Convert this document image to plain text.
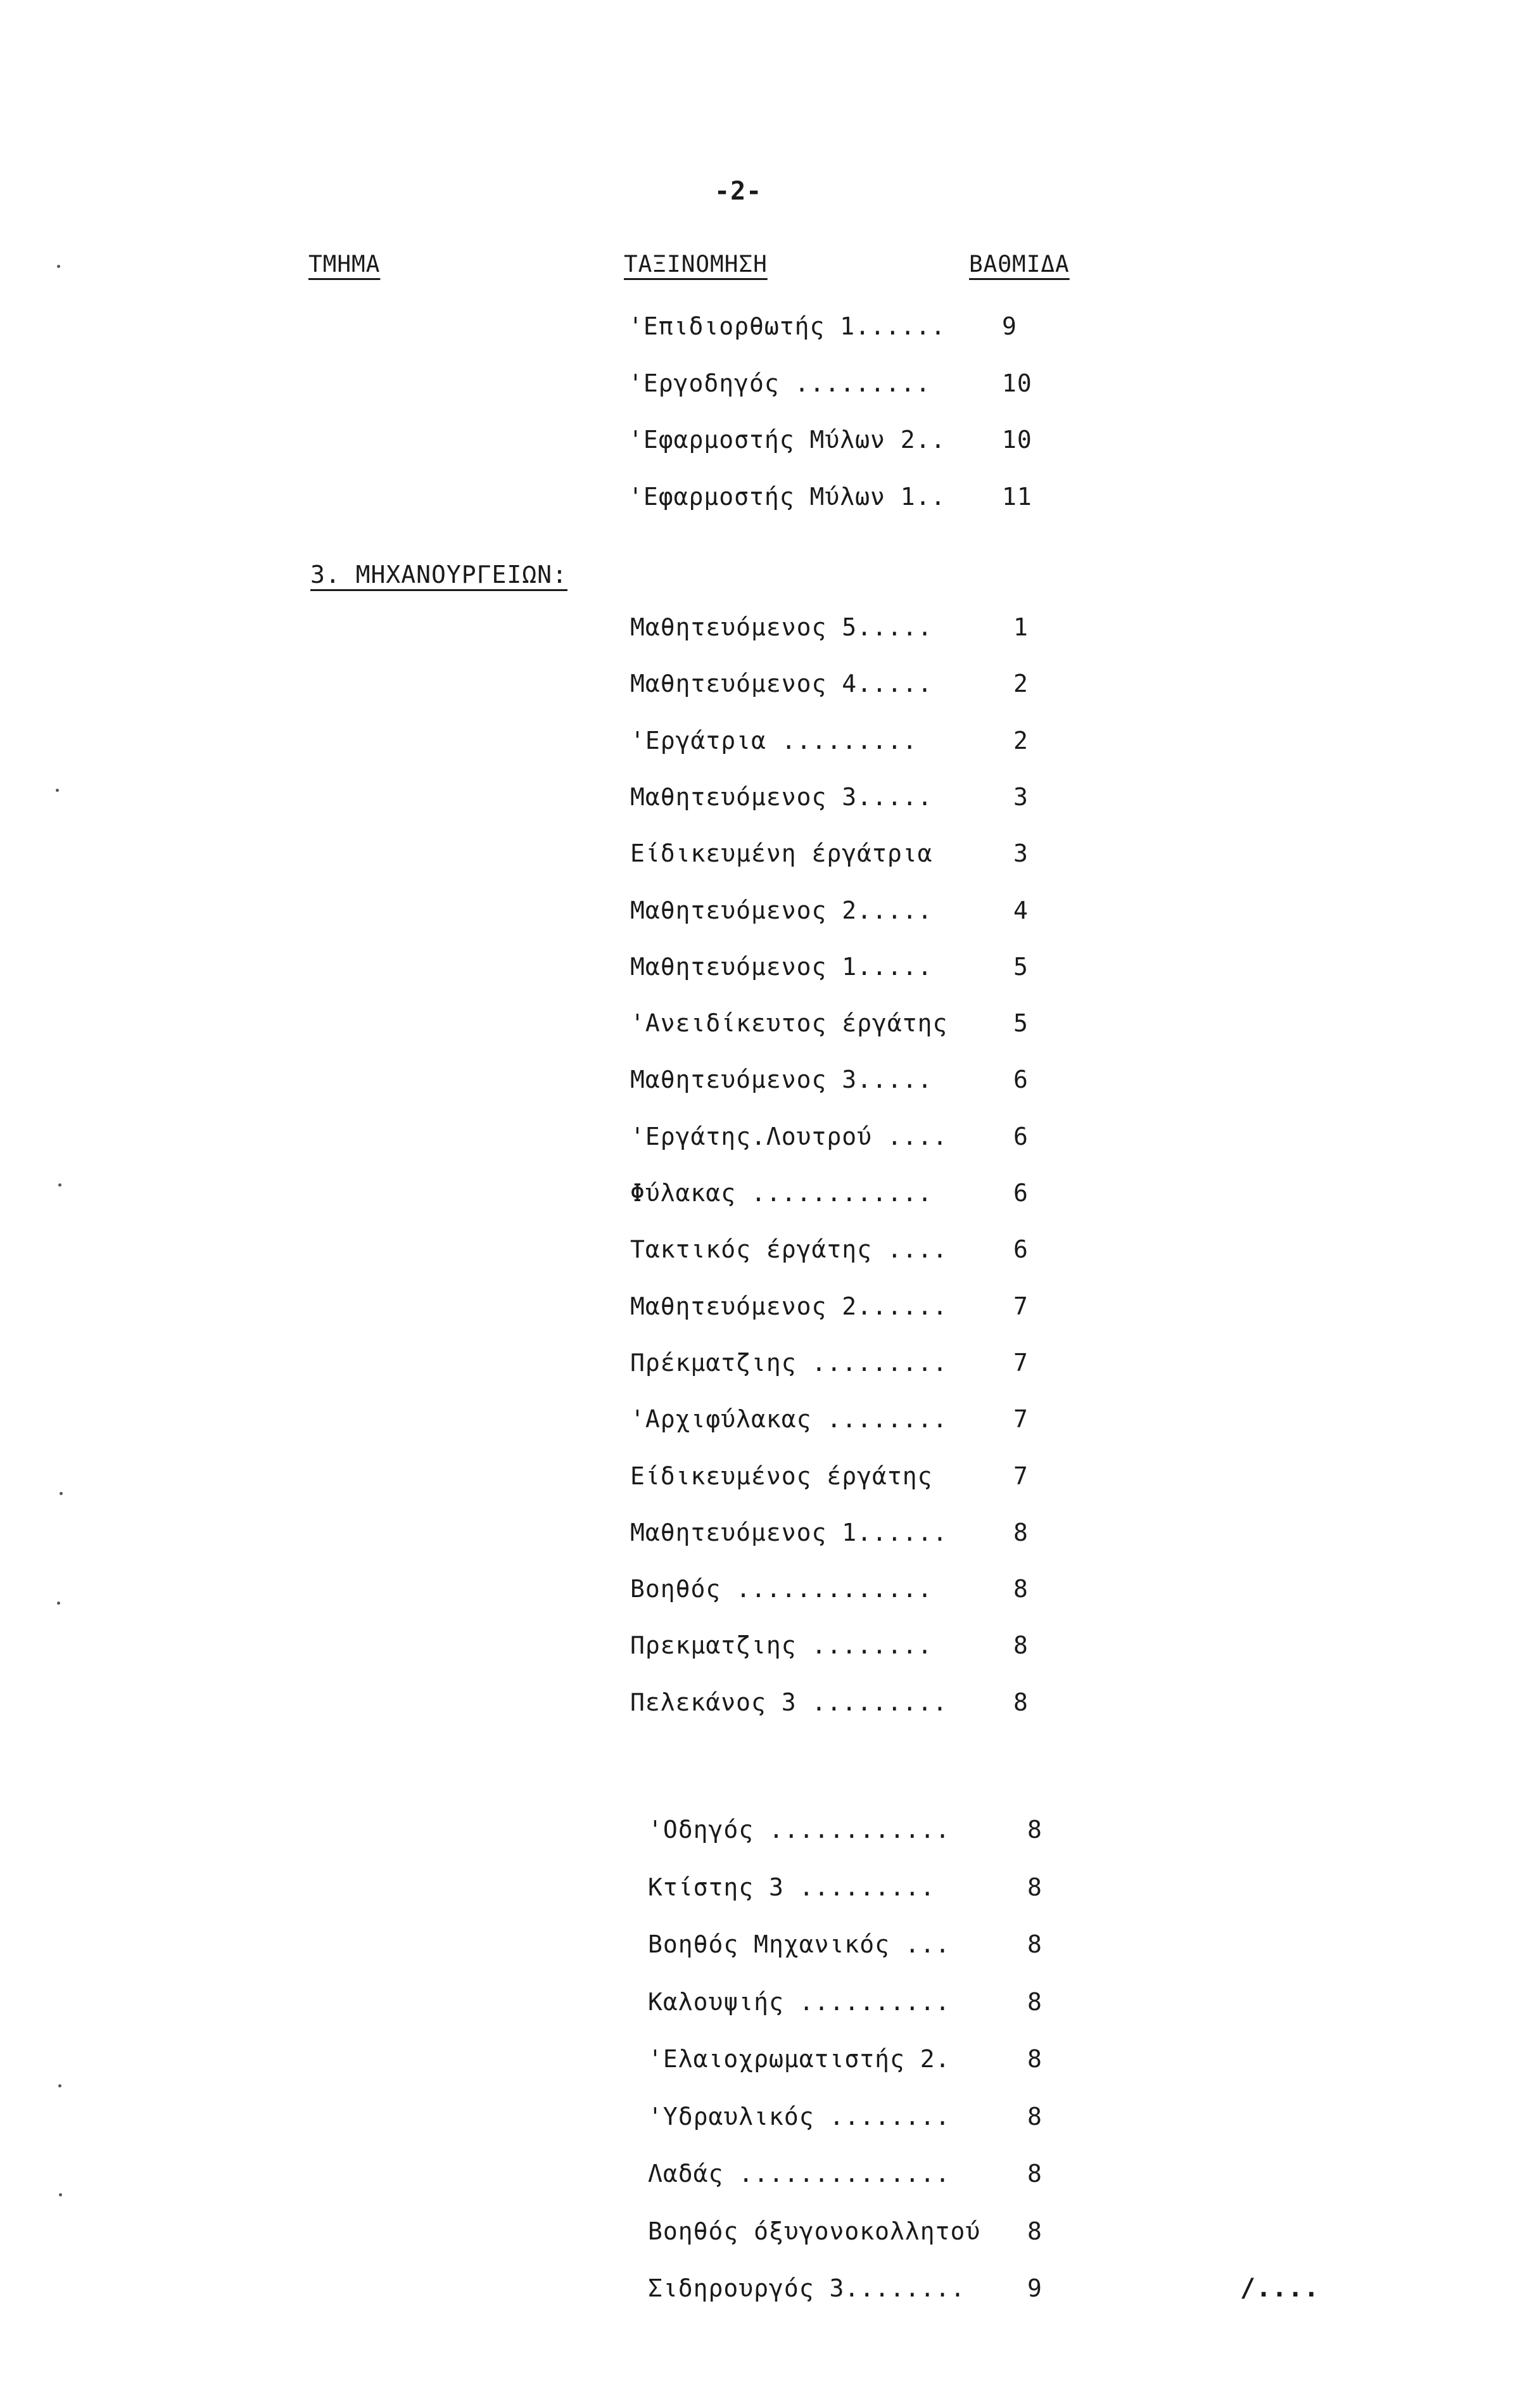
-2-
ΤΜΗΜΑ	ΤΑΞΙΝΟΜΗΣΗ	ΒΑΘΜΙΔΑ
3. ΜΗΧΑΝΟΥΡΓΕΙΩΝ:
'Επιδιορθωτής 1...... 9
'Εργοδηγός .........	10
'Εφαρμοστής Μύλων 2.. 10
'Εφαρμοστής Μύλων 1.. 11
Μαθητευόμενος 5.....	1
Μαθητευόμενος 4.....	2
'Εργάτρια .........	2
Μαθητευόμενος 3.....	3
Είδικευμένη έργάτρια	3
Μαθητευόμενος 2.....	4
Μαθητευόμενος 1.....	5
'Ανειδίκευτος έργάτης	5
Μαθητευόμενος 3.....	6
'Εργάτης.Λουτρού ....	6
Φύλακας ............	6
Τακτικός έργάτης ....	6
Μαθητευόμενος 2......	7
Πρέκματζιης .........	7
'Αρχιφύλακας ........	7
Είδικευμένος έργάτης	7
Μαθητευόμενος 1......	8
Βοηθός .............	8
Πρεκματζιης ........	8
Πελεκάνος 3 .........	8
'Οδηγός ............	8
Κτίστης 3 .........	8
Βοηθός Μηχανικός ...	8
Καλουψιής ..........	8
'Ελαιοχρωματιστής 2.	8
'Υδραυλικός ........	8
Λαδάς ..............	8
Βοηθός όξυγονοκολλητού 8
Σιδηρουργός 3........	9	/....
